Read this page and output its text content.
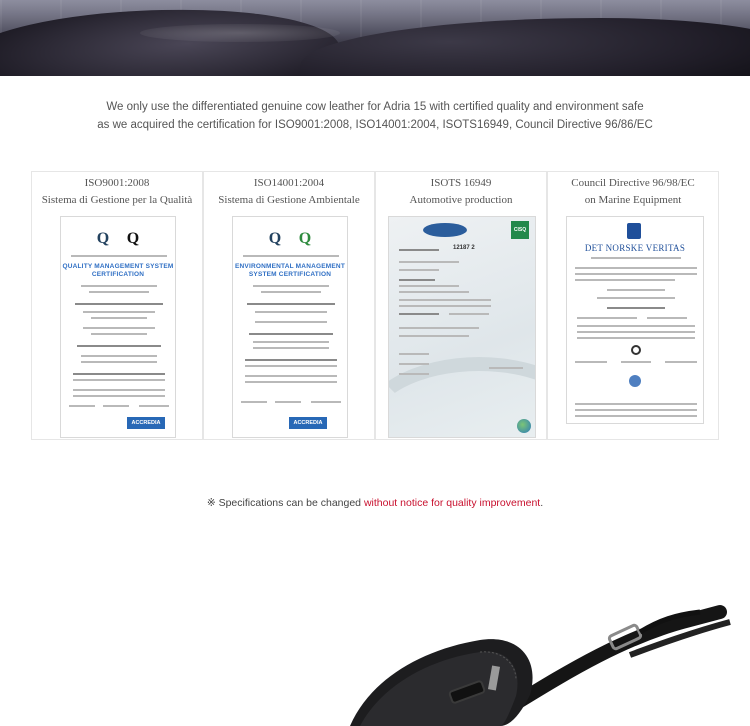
We only use the differentiated genuine cow leather for Adria 15 with certified quality and environment safe
as we acquired the certification for ISO9001:2008, ISO14001:2004, ISOTS16949, Council Directive 96/86/EC
ISO9001:2008
Sistema di Gestione per la Qualità
Q Q
QUALITY MANAGEMENT SYSTEM CERTIFICATION
ACCREDIA
ISO14001:2004
Sistema di Gestione Ambientale
Q Q
ENVIRONMENTAL MANAGEMENT SYSTEM CERTIFICATION
ACCREDIA
ISOTS 16949
Automotive production
CISQ
12187 2
Council Directive 96/98/EC
on Marine Equipment
DET NORSKE VERITAS
※ Specifications can be changed without notice for quality improvement.
